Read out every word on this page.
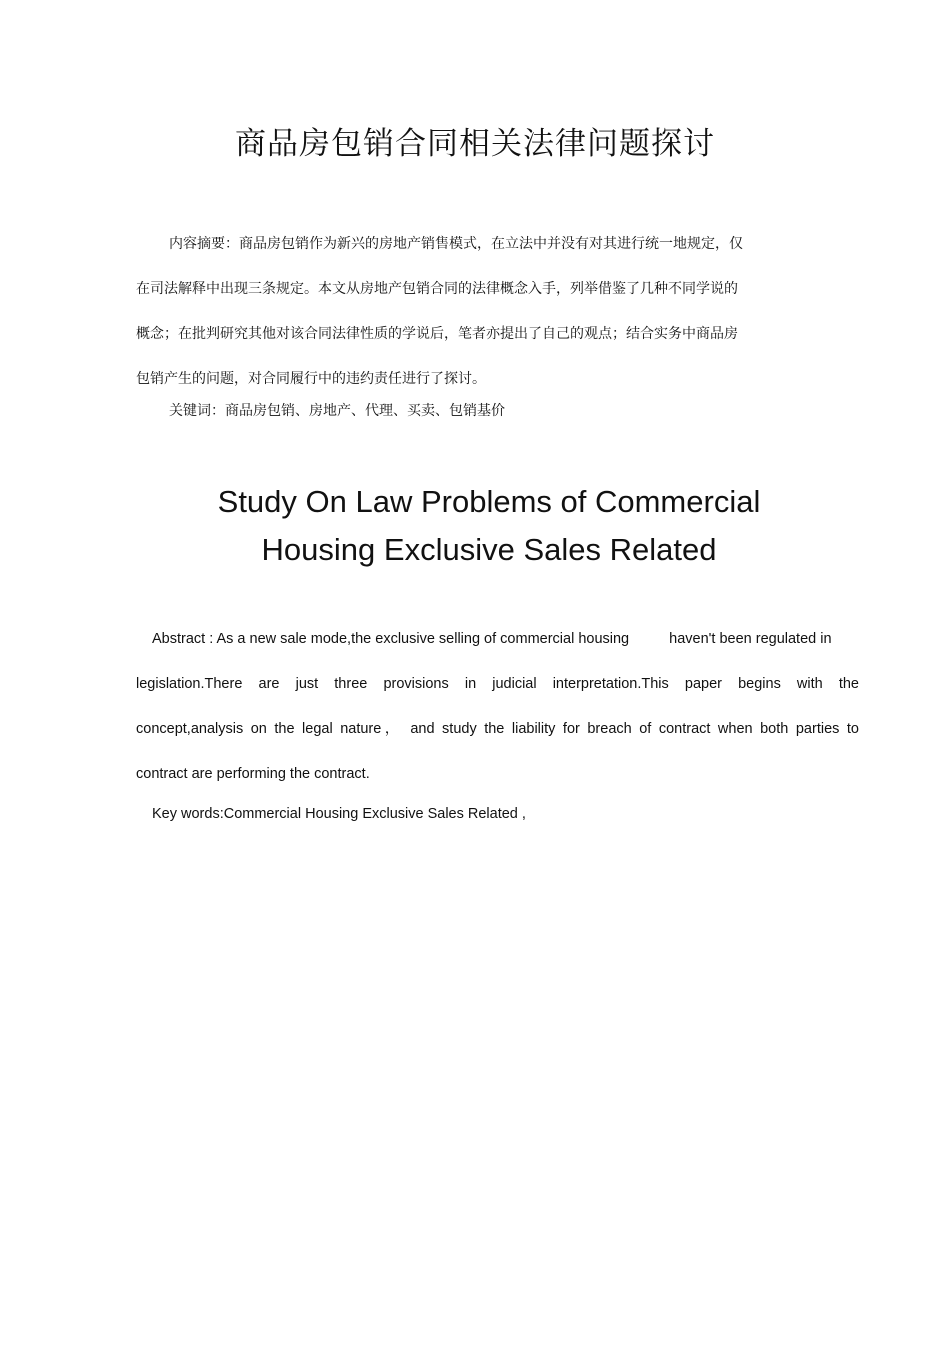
商品房包销合同相关法律问题探讨
内容摘要：商品房包销作为新兴的房地产销售模式，在立法中并没有对其进行统一地规定，仅
在司法解释中出现三条规定。本文从房地产包销合同的法律概念入手，列举借鉴了几种不同学说的
概念；在批判研究其他对该合同法律性质的学说后，笔者亦提出了自己的观点；结合实务中商品房
包销产生的问题，对合同履行中的违约责任进行了探讨。
关键词：商品房包销、房地产、代理、买卖、包销基价
Study On Law Problems of Commercial
Housing Exclusive Sales Related
Abstract : As a new sale mode,the exclusive selling of commercial housing	haven't been regulated in
legislation.There are just three provisions in judicial interpretation.This paper begins with the
concept,analysis on the legal nature， and study the liability for breach of contract when both parties to
contract are performing the contract.
Key words:Commercial Housing Exclusive Sales Related ,
